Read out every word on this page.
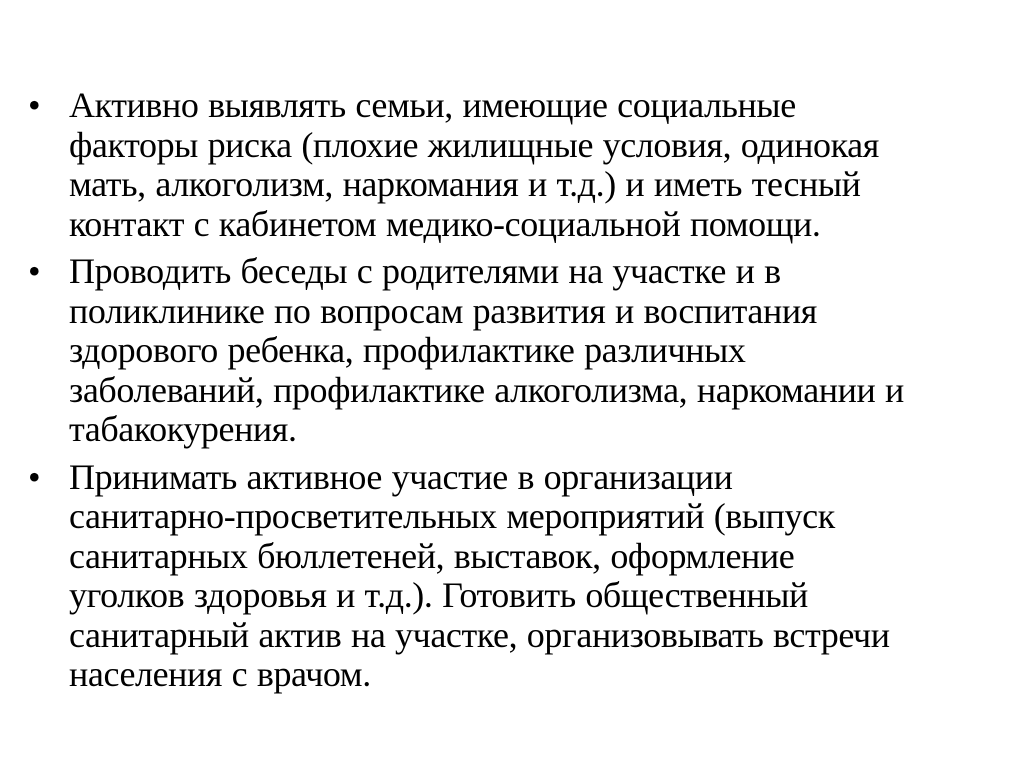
• Активно выявлять семьи, имеющие социальные
факторы риска (плохие жилищные условия, одинокая
мать, алкоголизм, наркомания и т.д.) и иметь тесный
контакт с кабинетом медико-социальной помощи.
• Проводить беседы с родителями на участке и в
поликлинике по вопросам развития и воспитания
здорового ребенка, профилактике различных
заболеваний, профилактике алкоголизма, наркомании и
табакокурения.
• Принимать активное участие в организации
санитарно-просветительных мероприятий (выпуск
санитарных бюллетеней, выставок, оформление
уголков здоровья и т.д.). Готовить общественный
санитарный актив на участке, организовывать встречи
населения с врачом.
